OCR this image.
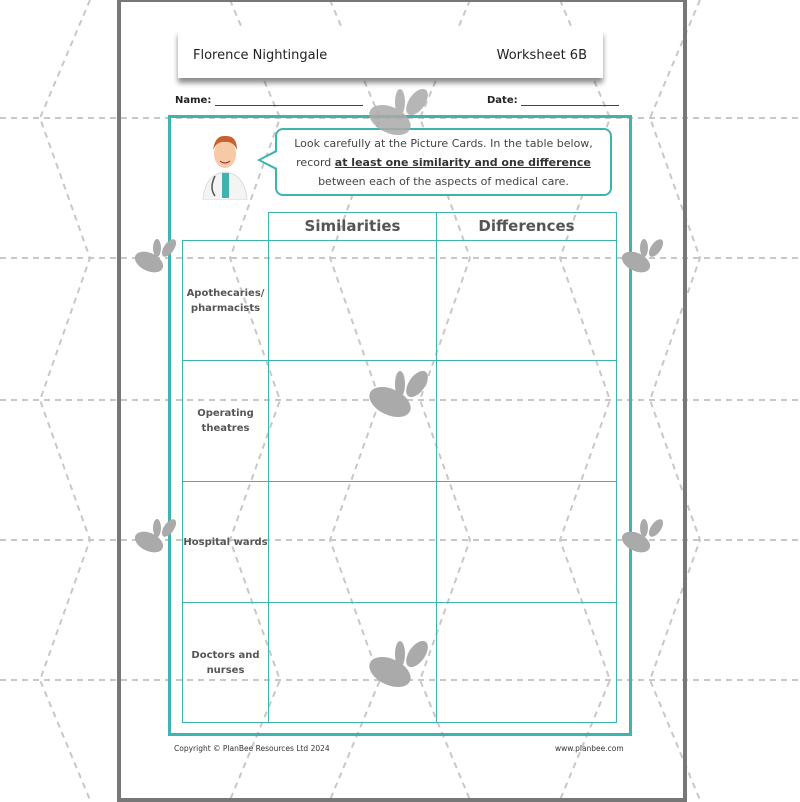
Florence Nightingale	Worksheet 6B
Name:	Date:
Look carefully at the Picture Cards. In the table below, record at least one similarity and one difference between each of the aspects of medical care.
Similarities	Differences
Apothecaries/ pharmacists
Operating theatres
Hospital wards
Doctors and nurses
Copyright © PlanBee Resources Ltd 2024	www.planbee.com
